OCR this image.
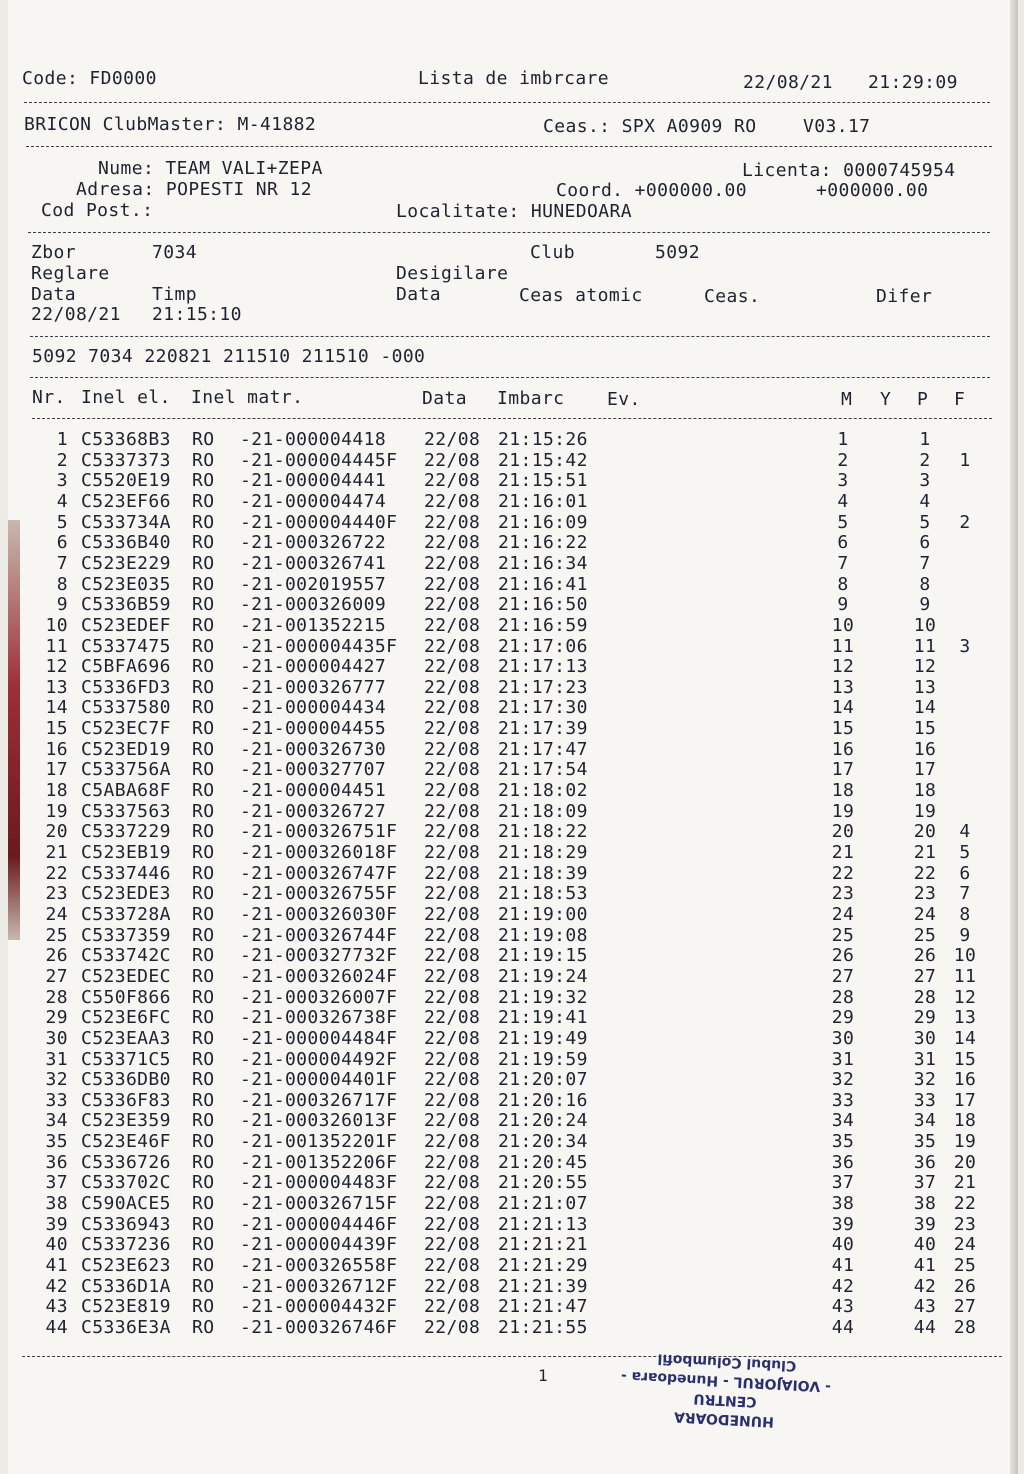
Code: FD0000	Lista de imbrcare	22/08/21 21:29:09
BRICON ClubMaster: M-41882	Ceas.: SPX A0909 RO	V03.17
Nume: TEAM VALI+ZEPA
Adresa: POPESTI NR 12
Cod Post.:
Licenta: 0000745954
Coord. +000000.00	+000000.00
Localitate: HUNEDOARA
Zbor	7034	Club	5092
Reglare	Desigilare
Data	Timp	Data	Ceas atomic	Ceas.	Difer
22/08/21 21:15:10
5092 7034 220821 211510 211510 -000
Nr. Inel el. Inel matr.	Data Imbarc Ev.	M Y P F
1 C53368B3 RO -21-000004418 22/08 21:15:26	1	1
2 C5337373 RO -21-000004445F 22/08 21:15:42	2	2	1
3 C5520E19 RO -21-000004441 22/08 21:15:51	3	3
4 C523EF66 RO -21-000004474 22/08 21:16:01	4	4
5 C533734A RO -21-000004440F 22/08 21:16:09	5	5	2
6 C5336B40 RO -21-000326722 22/08 21:16:22	6	6
7 C523E229 RO -21-000326741 22/08 21:16:34	7	7
8 C523E035 RO -21-002019557 22/08 21:16:41	8	8
9 C5336B59 RO -21-000326009 22/08 21:16:50	9	9
10 C523EDEF RO -21-001352215 22/08 21:16:59	10	10
11 C5337475 RO -21-000004435F 22/08 21:17:06	11	11	3
12 C5BFA696 RO -21-000004427 22/08 21:17:13	12	12
13 C5336FD3 RO -21-000326777 22/08 21:17:23	13	13
14 C5337580 RO -21-000004434 22/08 21:17:30	14	14
15 C523EC7F RO -21-000004455 22/08 21:17:39	15	15
16 C523ED19 RO -21-000326730 22/08 21:17:47	16	16
17 C533756A RO -21-000327707 22/08 21:17:54	17	17
18 C5ABA68F RO -21-000004451 22/08 21:18:02	18	18
19 C5337563 RO -21-000326727 22/08 21:18:09	19	19
20 C5337229 RO -21-000326751F 22/08 21:18:22	20	20	4
21 C523EB19 RO -21-000326018F 22/08 21:18:29	21	21	5
22 C5337446 RO -21-000326747F 22/08 21:18:39	22	22	6
23 C523EDE3 RO -21-000326755F 22/08 21:18:53	23	23	7
24 C533728A RO -21-000326030F 22/08 21:19:00	24	24	8
25 C5337359 RO -21-000326744F 22/08 21:19:08	25	25	9
26 C533742C RO -21-000327732F 22/08 21:19:15	26	26 10
27 C523EDEC RO -21-000326024F 22/08 21:19:24	27	27 11
28 C550F866 RO -21-000326007F 22/08 21:19:32	28	28 12
29 C523E6FC RO -21-000326738F 22/08 21:19:41	29	29 13
30 C523EAA3 RO -21-000004484F 22/08 21:19:49	30	30 14
31 C53371C5 RO -21-000004492F 22/08 21:19:59	31	31 15
32 C5336DB0 RO -21-000004401F 22/08 21:20:07	32	32 16
33 C5336F83 RO -21-000326717F 22/08 21:20:16	33	33 17
34 C523E359 RO -21-000326013F 22/08 21:20:24	34	34 18
35 C523E46F RO -21-001352201F 22/08 21:20:34	35	35 19
36 C5336726 RO -21-001352206F 22/08 21:20:45	36	36 20
37 C533702C RO -21-000004483F 22/08 21:20:55	37	37 21
38 C590ACE5 RO -21-000326715F 22/08 21:21:07	38	38 22
39 C5336943 RO -21-000004446F 22/08 21:21:13	39	39 23
40 C5337236 RO -21-000004439F 22/08 21:21:21	40	40 24
41 C523E623 RO -21-000326558F 22/08 21:21:29	41	41 25
42 C5336D1A RO -21-000326712F 22/08 21:21:39	42	42 26
43 C523E819 RO -21-000004432F 22/08 21:21:47	43	43 27
44 C5336E3A RO -21-000326746F 22/08 21:21:55	44	44 28
1
HUNEDOARA
CENTRU
- VOIAJORUL - Hunedoara -
Clubul Columbofil
